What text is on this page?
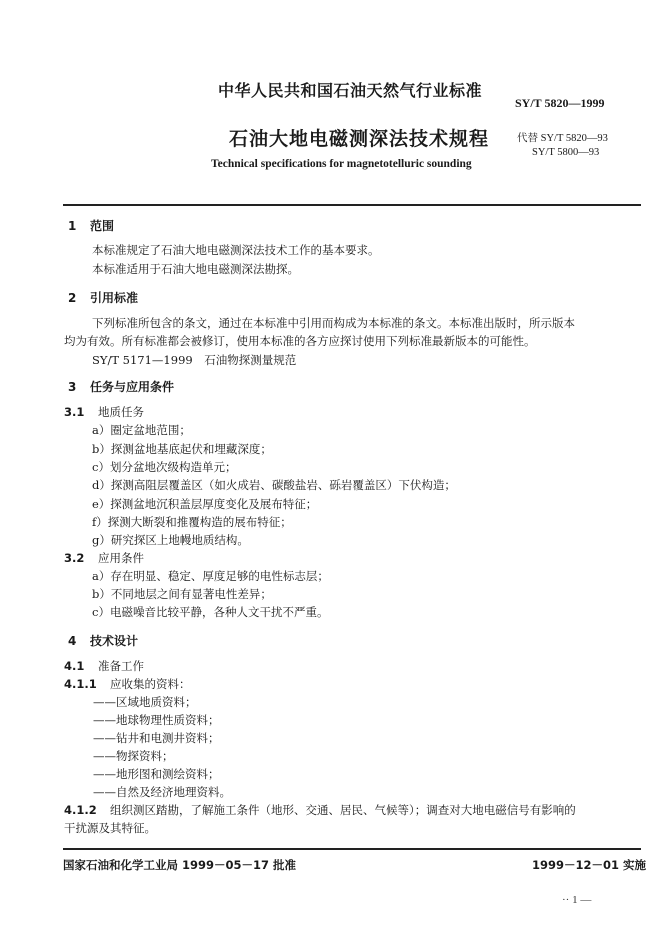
中华人民共和国石油天然气行业标准
SY/T 5820—1999
石油大地电磁测深法技术规程	代替 SY/T 5820—93
SY/T 5800—93
Technical specifications for magnetotelluric sounding
1 范围
本标准规定了石油大地电磁测深法技术工作的基本要求。
本标准适用于石油大地电磁测深法勘探。
2 引用标准
下列标准所包含的条文，通过在本标准中引用而构成为本标准的条文。本标准出版时，所示版本
均为有效。所有标准都会被修订，使用本标准的各方应探讨使用下列标准最新版本的可能性。
SY/T 5171—1999　石油物探测量规范
3 任务与应用条件
3.1 地质任务
a）圈定盆地范围；
b）探测盆地基底起伏和埋藏深度；
c）划分盆地次级构造单元；
d）探测高阻层覆盖区（如火成岩、碳酸盐岩、砾岩覆盖区）下伏构造；
e）探测盆地沉积盖层厚度变化及展布特征；
f）探测大断裂和推覆构造的展布特征；
g）研究探区上地幔地质结构。
3.2 应用条件
a）存在明显、稳定、厚度足够的电性标志层；
b）不同地层之间有显著电性差异；
c）电磁噪音比较平静，各种人文干扰不严重。
4 技术设计
4.1 准备工作
4.1.1 应收集的资料：
——区域地质资料；
——地球物理性质资料；
——钻井和电测井资料；
——物探资料；
——地形图和测绘资料；
——自然及经济地理资料。
4.1.2 组织测区踏勘，了解施工条件（地形、交通、居民、气候等）；调查对大地电磁信号有影响的
干扰源及其特征。
国家石油和化学工业局 1999－05－17 批准	1999－12－01 实施
·· 1 —
